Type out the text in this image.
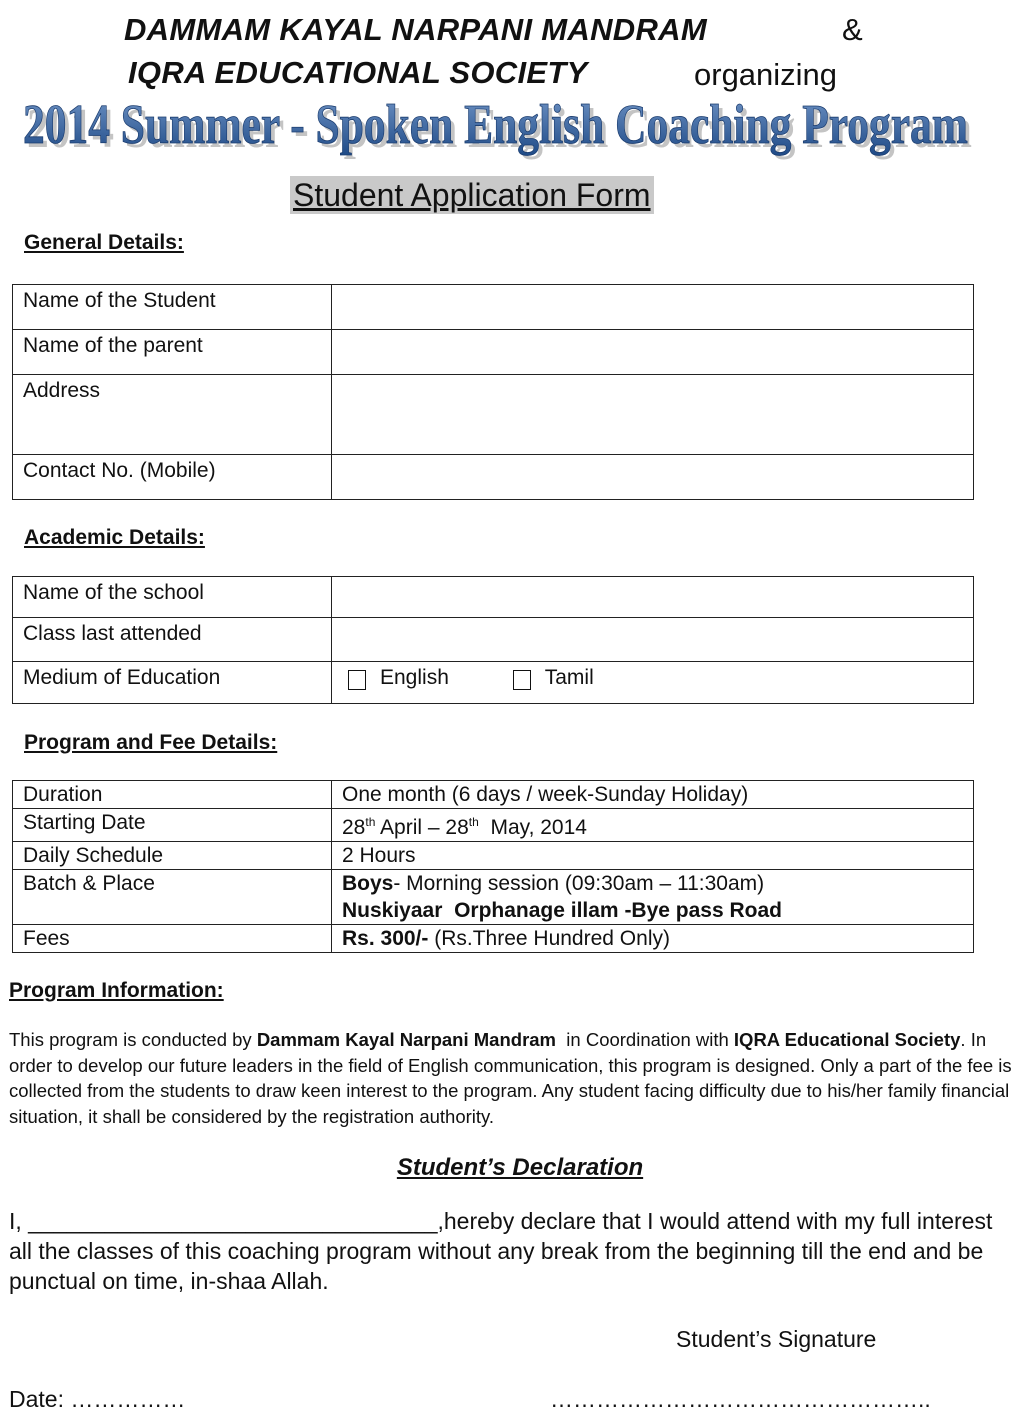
DAMMAM KAYAL NARPANI MANDRAM	&
IQRA EDUCATIONAL SOCIETY	organizing
2014 Summer - Spoken English Coaching Program
2014 Summer - Spoken English Coaching Program
Student Application Form
General Details:
Name of the Student	
Name of the parent	
Address	
Contact No. (Mobile)	
Academic Details:
Name of the school	
Class last attended	
Medium of Education	English Tamil
Program and Fee Details:
Duration	One month (6 days / week-Sunday Holiday)
Starting Date	28th April – 28th  May, 2014
Daily Schedule	2 Hours
Batch & Place	Boys- Morning session (09:30am – 11:30am)
Nuskiyaar  Orphanage illam -Bye pass Road
Fees	Rs. 300/- (Rs.Three Hundred Only)
Program Information:
This program is conducted by Dammam Kayal Narpani Mandram  in Coordination with IQRA Educational Society. In order to develop our future leaders in the field of English communication, this program is designed. Only a part of the fee is collected from the students to draw keen interest to the program. Any student facing difficulty due to his/her family financial situation, it shall be considered by the registration authority.
Student’s Declaration
I, ________________________________,hereby declare that I would attend with my full interest all the classes of this coaching program without any break from the beginning till the end and be punctual on time, in-shaa Allah.
Student’s Signature
Date: ……………	…………………………………………..
